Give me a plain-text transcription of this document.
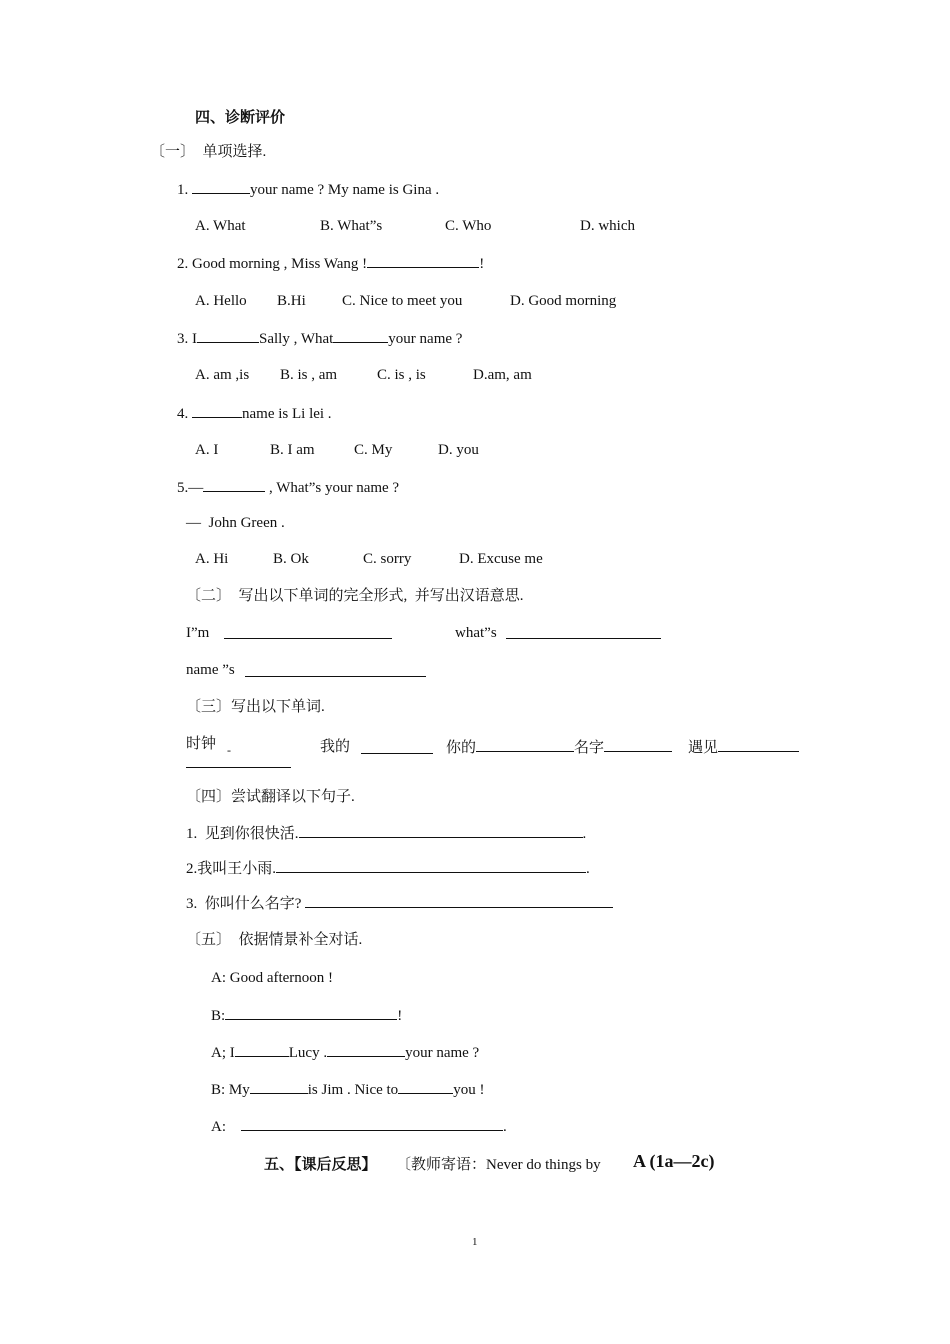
四、诊断评价
〔一〕  单项选择.
1.	your name ? My name is Gina .
A. What	B. What”s	C. Who	D. which
2. Good morning , Miss Wang !	!
A. Hello B.Hi C. Nice to meet you	D. Good morning
3. I	Sally , What	your name ?
A. am ,is B. is , am	C. is , is	D.am, am
4.	name is Li lei .
A. I	B. I am	C. My	D. you
5.—	, What”s your name ?
—  John Green .
A. Hi	B. Ok	C. sorry	D. Excuse me
〔二〕  写出以下单词的完全形式,  并写出汉语意思.
I”m	what”s
name ”s
〔三〕写出以下单词.
时钟 -	我的	你的	名字	遇见
〔四〕尝试翻译以下句子.
1.  见到你很快活.	.
2.我叫王小雨.	.
3.  你叫什么名字?
〔五〕  依据情景补全对话.
A: Good afternoon !
B:	!
A; I	Lucy .	your name ?
B: My	is Jim . Nice to	you !
A:	.
五、【课后反思】 〔教师寄语：Never do things by A (1a—2c)
1
